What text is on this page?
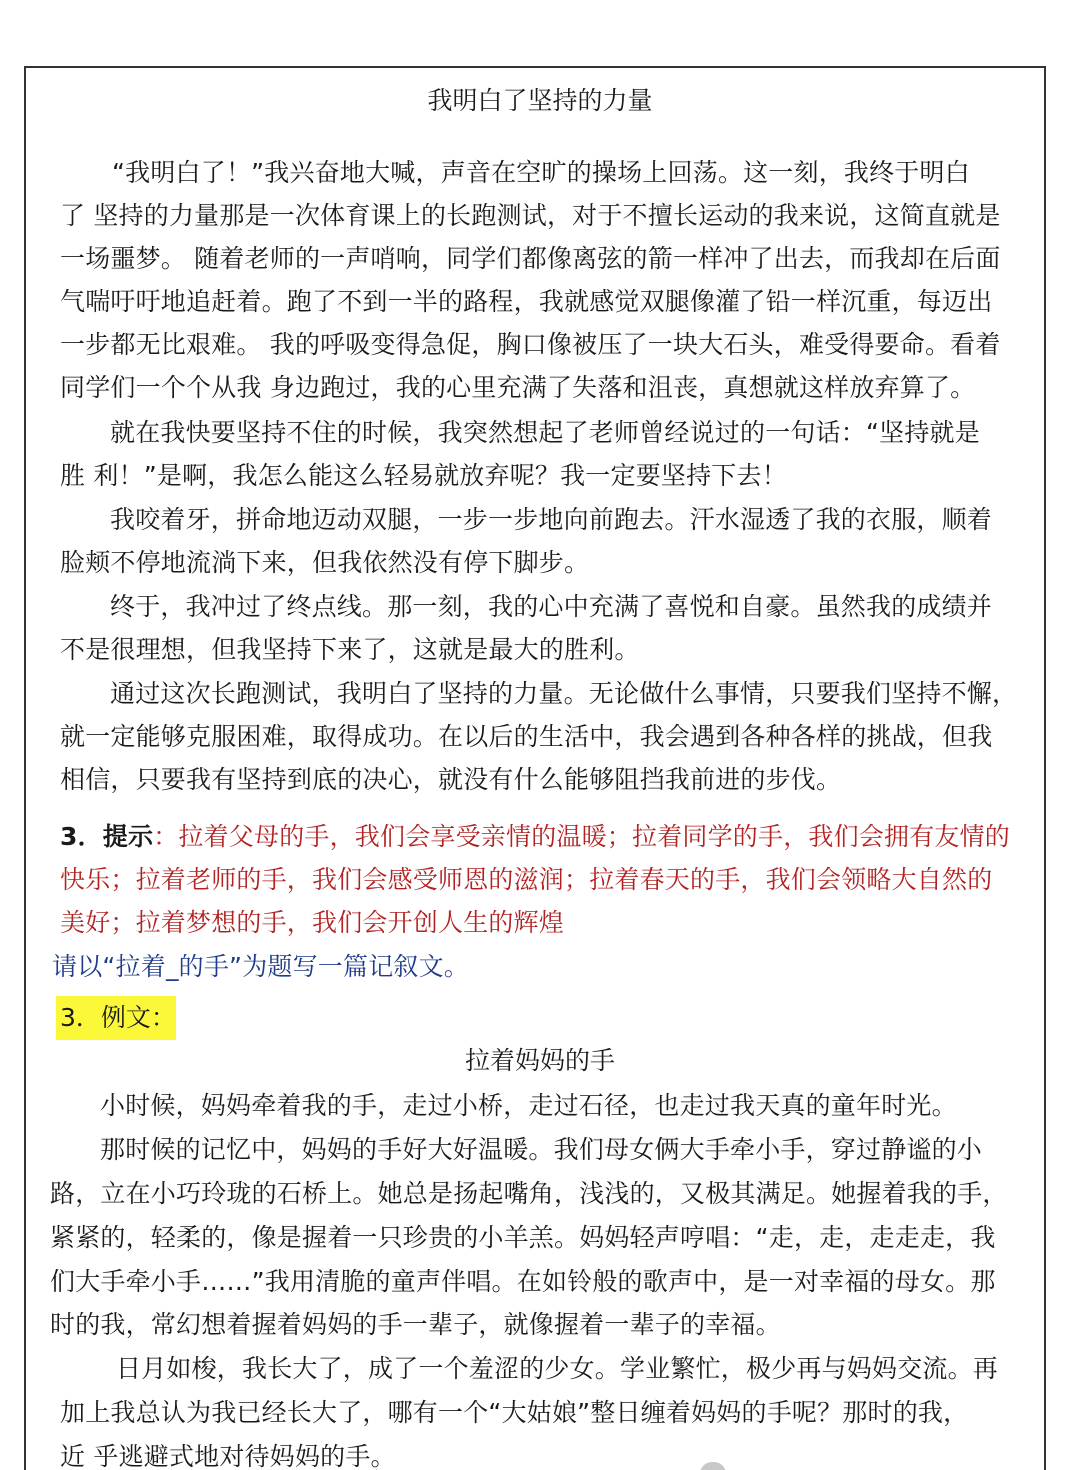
我明白了坚持的力量
“我明白了！”我兴奋地大喊，声音在空旷的操场上回荡。这一刻，我终于明白
了 坚持的力量那是一次体育课上的长跑测试，对于不擅长运动的我来说，这简直就是
一场噩梦。 随着老师的一声哨响，同学们都像离弦的箭一样冲了出去，而我却在后面
气喘吁吁地追赶着。跑了不到一半的路程，我就感觉双腿像灌了铅一样沉重，每迈出
一步都无比艰难。 我的呼吸变得急促，胸口像被压了一块大石头，难受得要命。看着
同学们一个个从我 身边跑过，我的心里充满了失落和沮丧，真想就这样放弃算了。
就在我快要坚持不住的时候，我突然想起了老师曾经说过的一句话：“坚持就是
胜 利！”是啊，我怎么能这么轻易就放弃呢？我一定要坚持下去！
我咬着牙，拼命地迈动双腿，一步一步地向前跑去。汗水湿透了我的衣服，顺着
脸颊不停地流淌下来，但我依然没有停下脚步。
终于，我冲过了终点线。那一刻，我的心中充满了喜悦和自豪。虽然我的成绩并
不是很理想，但我坚持下来了，这就是最大的胜利。
通过这次长跑测试，我明白了坚持的力量。无论做什么事情，只要我们坚持不懈，
就一定能够克服困难，取得成功。在以后的生活中，我会遇到各种各样的挑战，但我
相信，只要我有坚持到底的决心，就没有什么能够阻挡我前进的步伐。
3．提示：拉着父母的手，我们会享受亲情的温暖；拉着同学的手，我们会拥有友情的
快乐；拉着老师的手，我们会感受师恩的滋润；拉着春天的手，我们会领略大自然的
美好；拉着梦想的手，我们会开创人生的辉煌
请以“拉着_的手”为题写一篇记叙文。
3．例文：
拉着妈妈的手
小时候，妈妈牵着我的手，走过小桥，走过石径，也走过我天真的童年时光。
那时候的记忆中，妈妈的手好大好温暖。我们母女俩大手牵小手，穿过静谧的小
路，立在小巧玲珑的石桥上。她总是扬起嘴角，浅浅的，又极其满足。她握着我的手，
紧紧的，轻柔的，像是握着一只珍贵的小羊羔。妈妈轻声哼唱：“走，走，走走走，我
们大手牵小手……”我用清脆的童声伴唱。在如铃般的歌声中，是一对幸福的母女。那
时的我，常幻想着握着妈妈的手一辈子，就像握着一辈子的幸福。
日月如梭，我长大了，成了一个羞涩的少女。学业繁忙，极少再与妈妈交流。再
加上我总认为我已经长大了，哪有一个“大姑娘”整日缠着妈妈的手呢？那时的我，
近 乎逃避式地对待妈妈的手。
